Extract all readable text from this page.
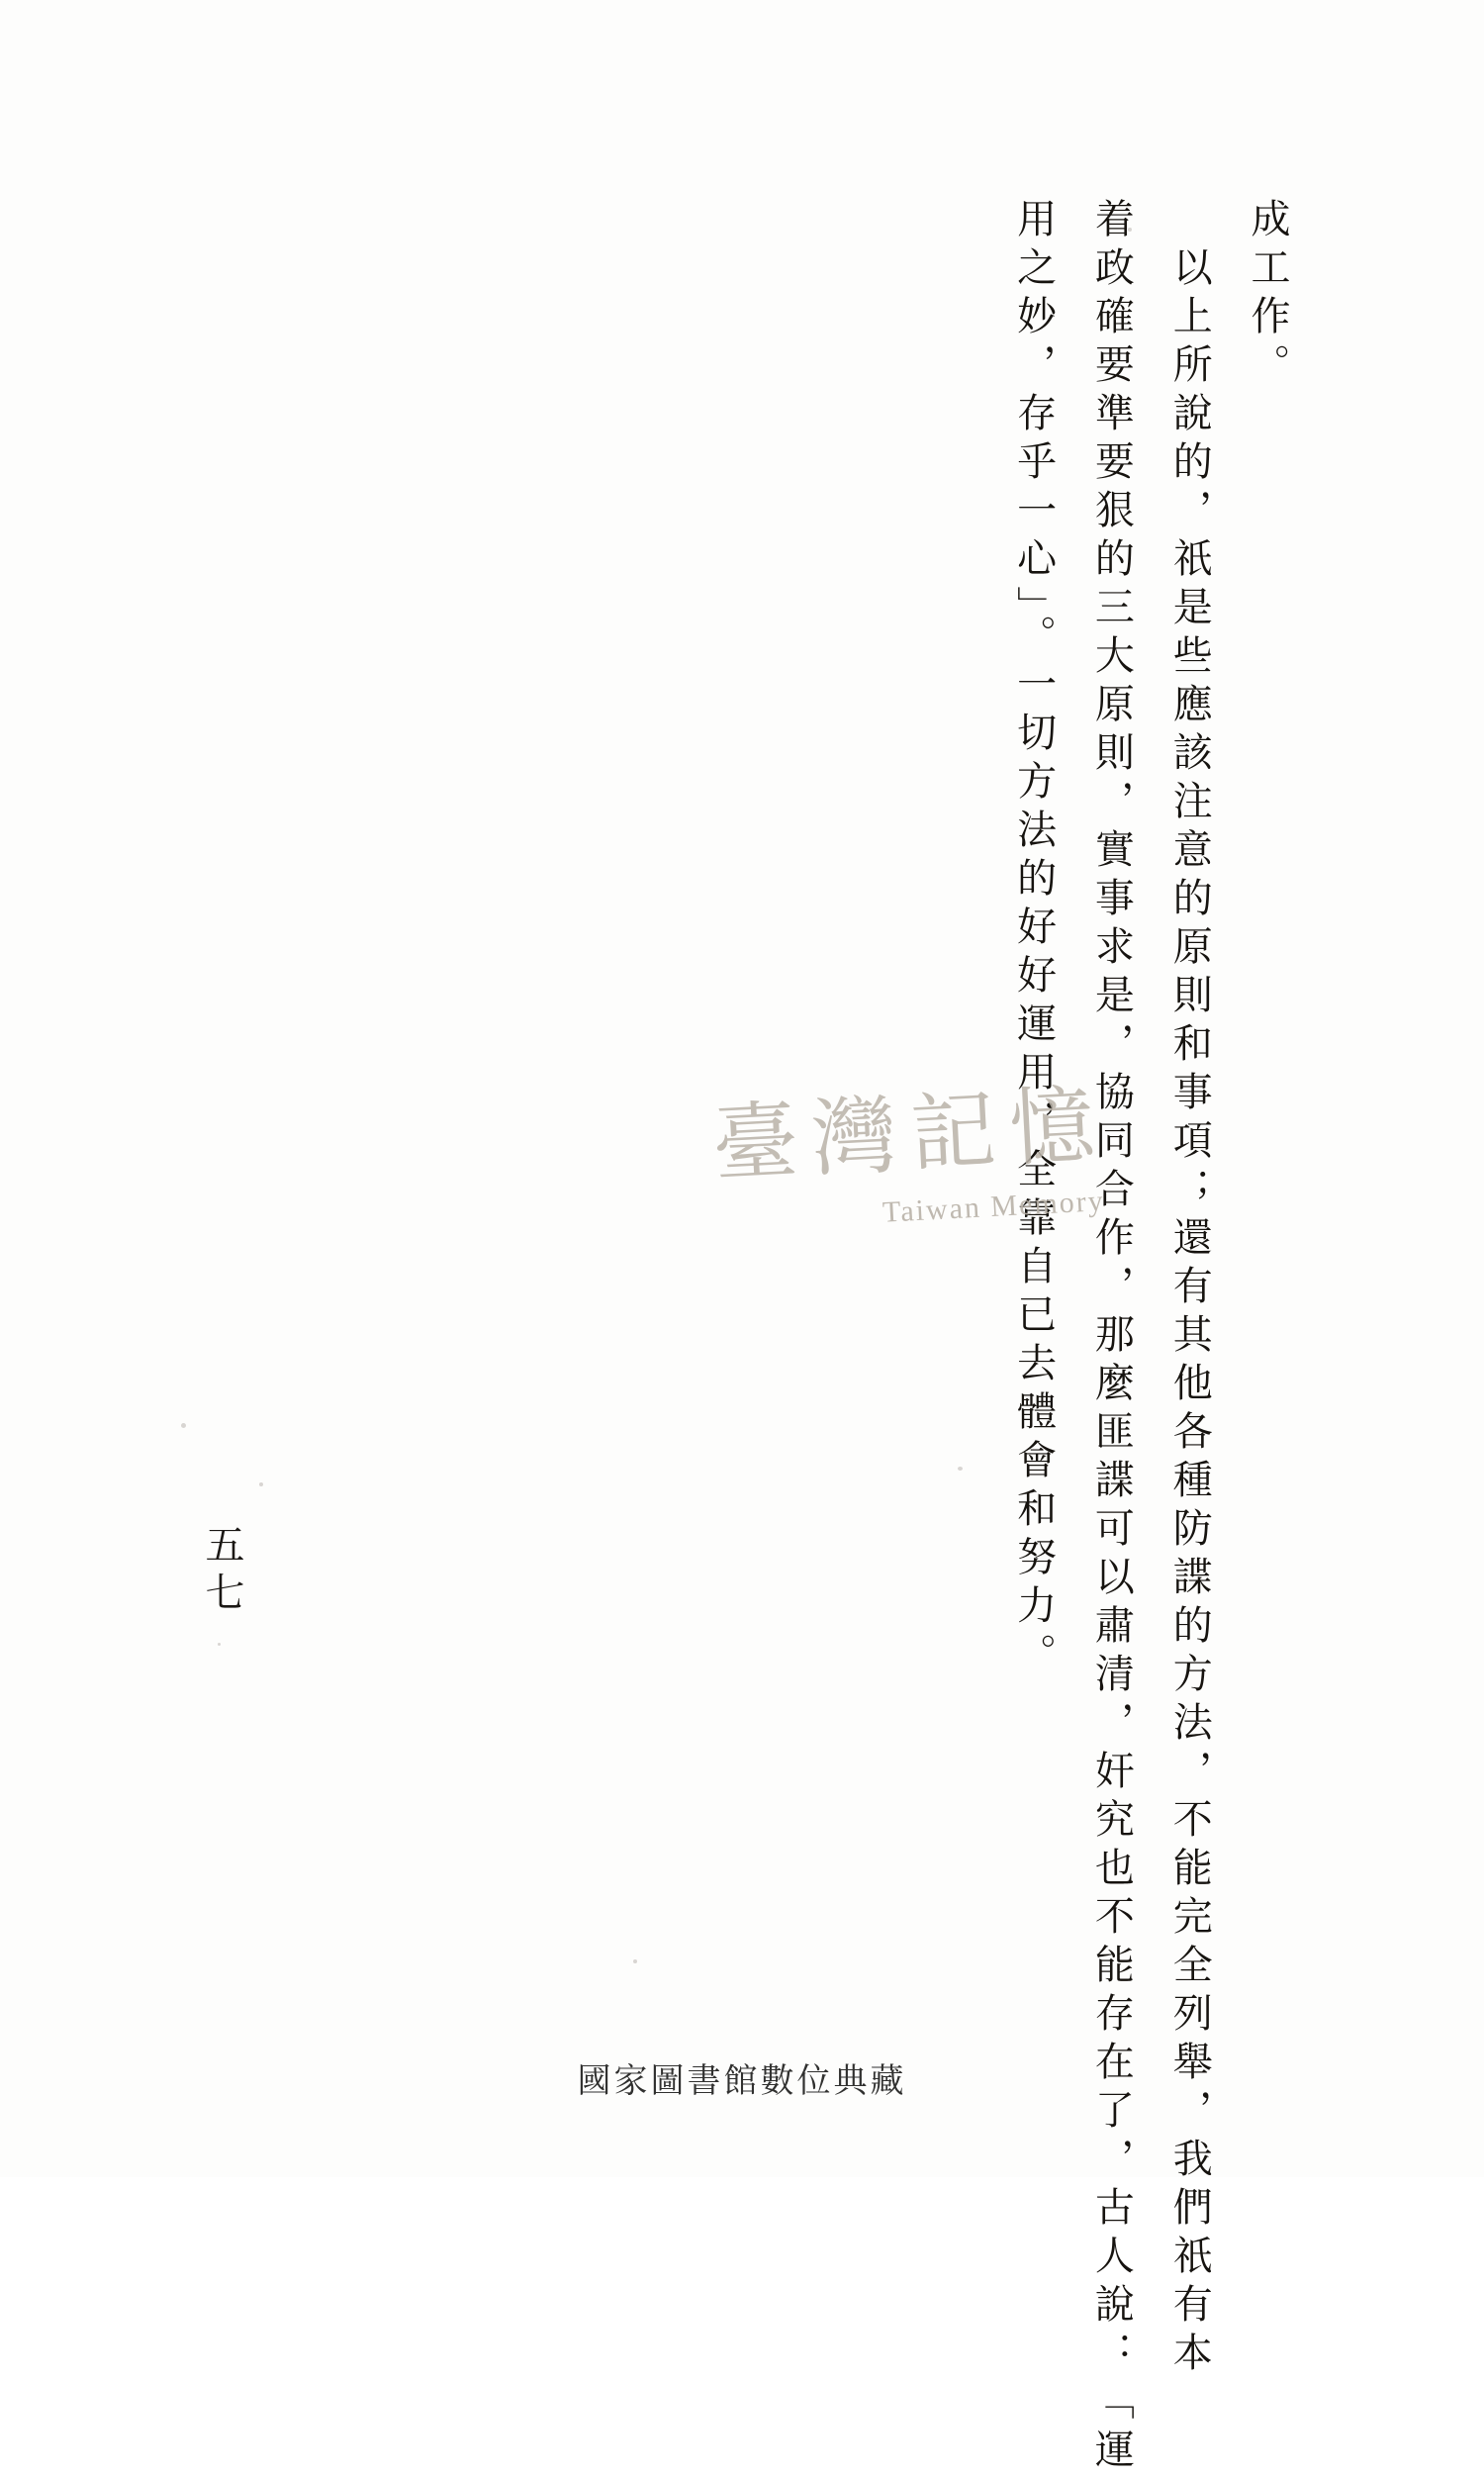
成工作。
　以上所說的，祇是些應該注意的原則和事項；還有其他各種防諜的方法，不能完全列舉，我們祇有本
着政確要準要狠的三大原則，實事求是，協同合作，那麼匪諜可以肅清，奸究也不能存在了，古人說：「運
用之妙，存乎一心」。一切方法的好好運用，全靠自已去體會和努力。
五七
臺灣記憶
Taiwan Memory
國家圖書館數位典藏
